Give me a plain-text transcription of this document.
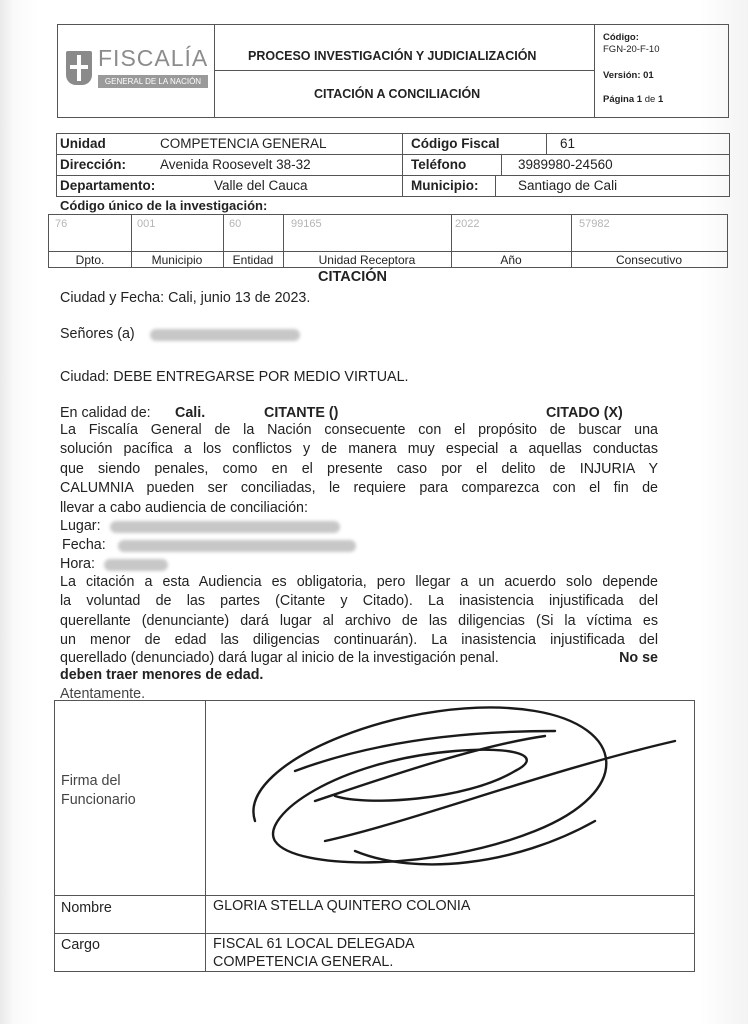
FISCALÍA
GENERAL DE LA NACIÓN
PROCESO INVESTIGACIÓN Y JUDICIALIZACIÓN
CITACIÓN A CONCILIACIÓN
Código:
FGN-20-F-10
Versión: 01
Página 1 de 1
Unidad	COMPETENCIA GENERAL	Código Fiscal	61
Dirección:	Avenida Roosevelt 38-32	Teléfono	3989980-24560
Departamento:	Valle del Cauca	Municipio:	Santiago de Cali
Código único de la investigación:
76	001	60	99165	2022	57982
Dpto.	Municipio	Entidad	Unidad Receptora	Año	Consecutivo
CITACIÓN
Ciudad y Fecha: Cali, junio 13 de 2023.
Señores (a)
Ciudad: DEBE ENTREGARSE POR MEDIO VIRTUAL.
En calidad de: Cali.	CITANTE ()	CITADO (X)
La Fiscalía General de la Nación consecuente con el propósito de buscar una
solución pacífica a los conflictos y de manera muy especial a aquellas conductas
que siendo penales, como en el presente caso por el delito de INJURIA Y
CALUMNIA pueden ser conciliadas, le requiere para comparezca con el fin de
llevar a cabo audiencia de conciliación:
Lugar:
Fecha:
Hora:
La citación a esta Audiencia es obligatoria, pero llegar a un acuerdo solo depende
la voluntad de las partes (Citante y Citado). La inasistencia injustificada del
querellante (denunciante) dará lugar al archivo de las diligencias (Si la víctima es
un menor de edad las diligencias continuarán). La inasistencia injustificada del
querellado (denunciado) dará lugar al inicio de la investigación penal.	No se
deben traer menores de edad.
Atentamente.
Firma del
Funcionario
Nombre	GLORIA STELLA QUINTERO COLONIA
Cargo	FISCAL 61 LOCAL DELEGADA
COMPETENCIA GENERAL.
